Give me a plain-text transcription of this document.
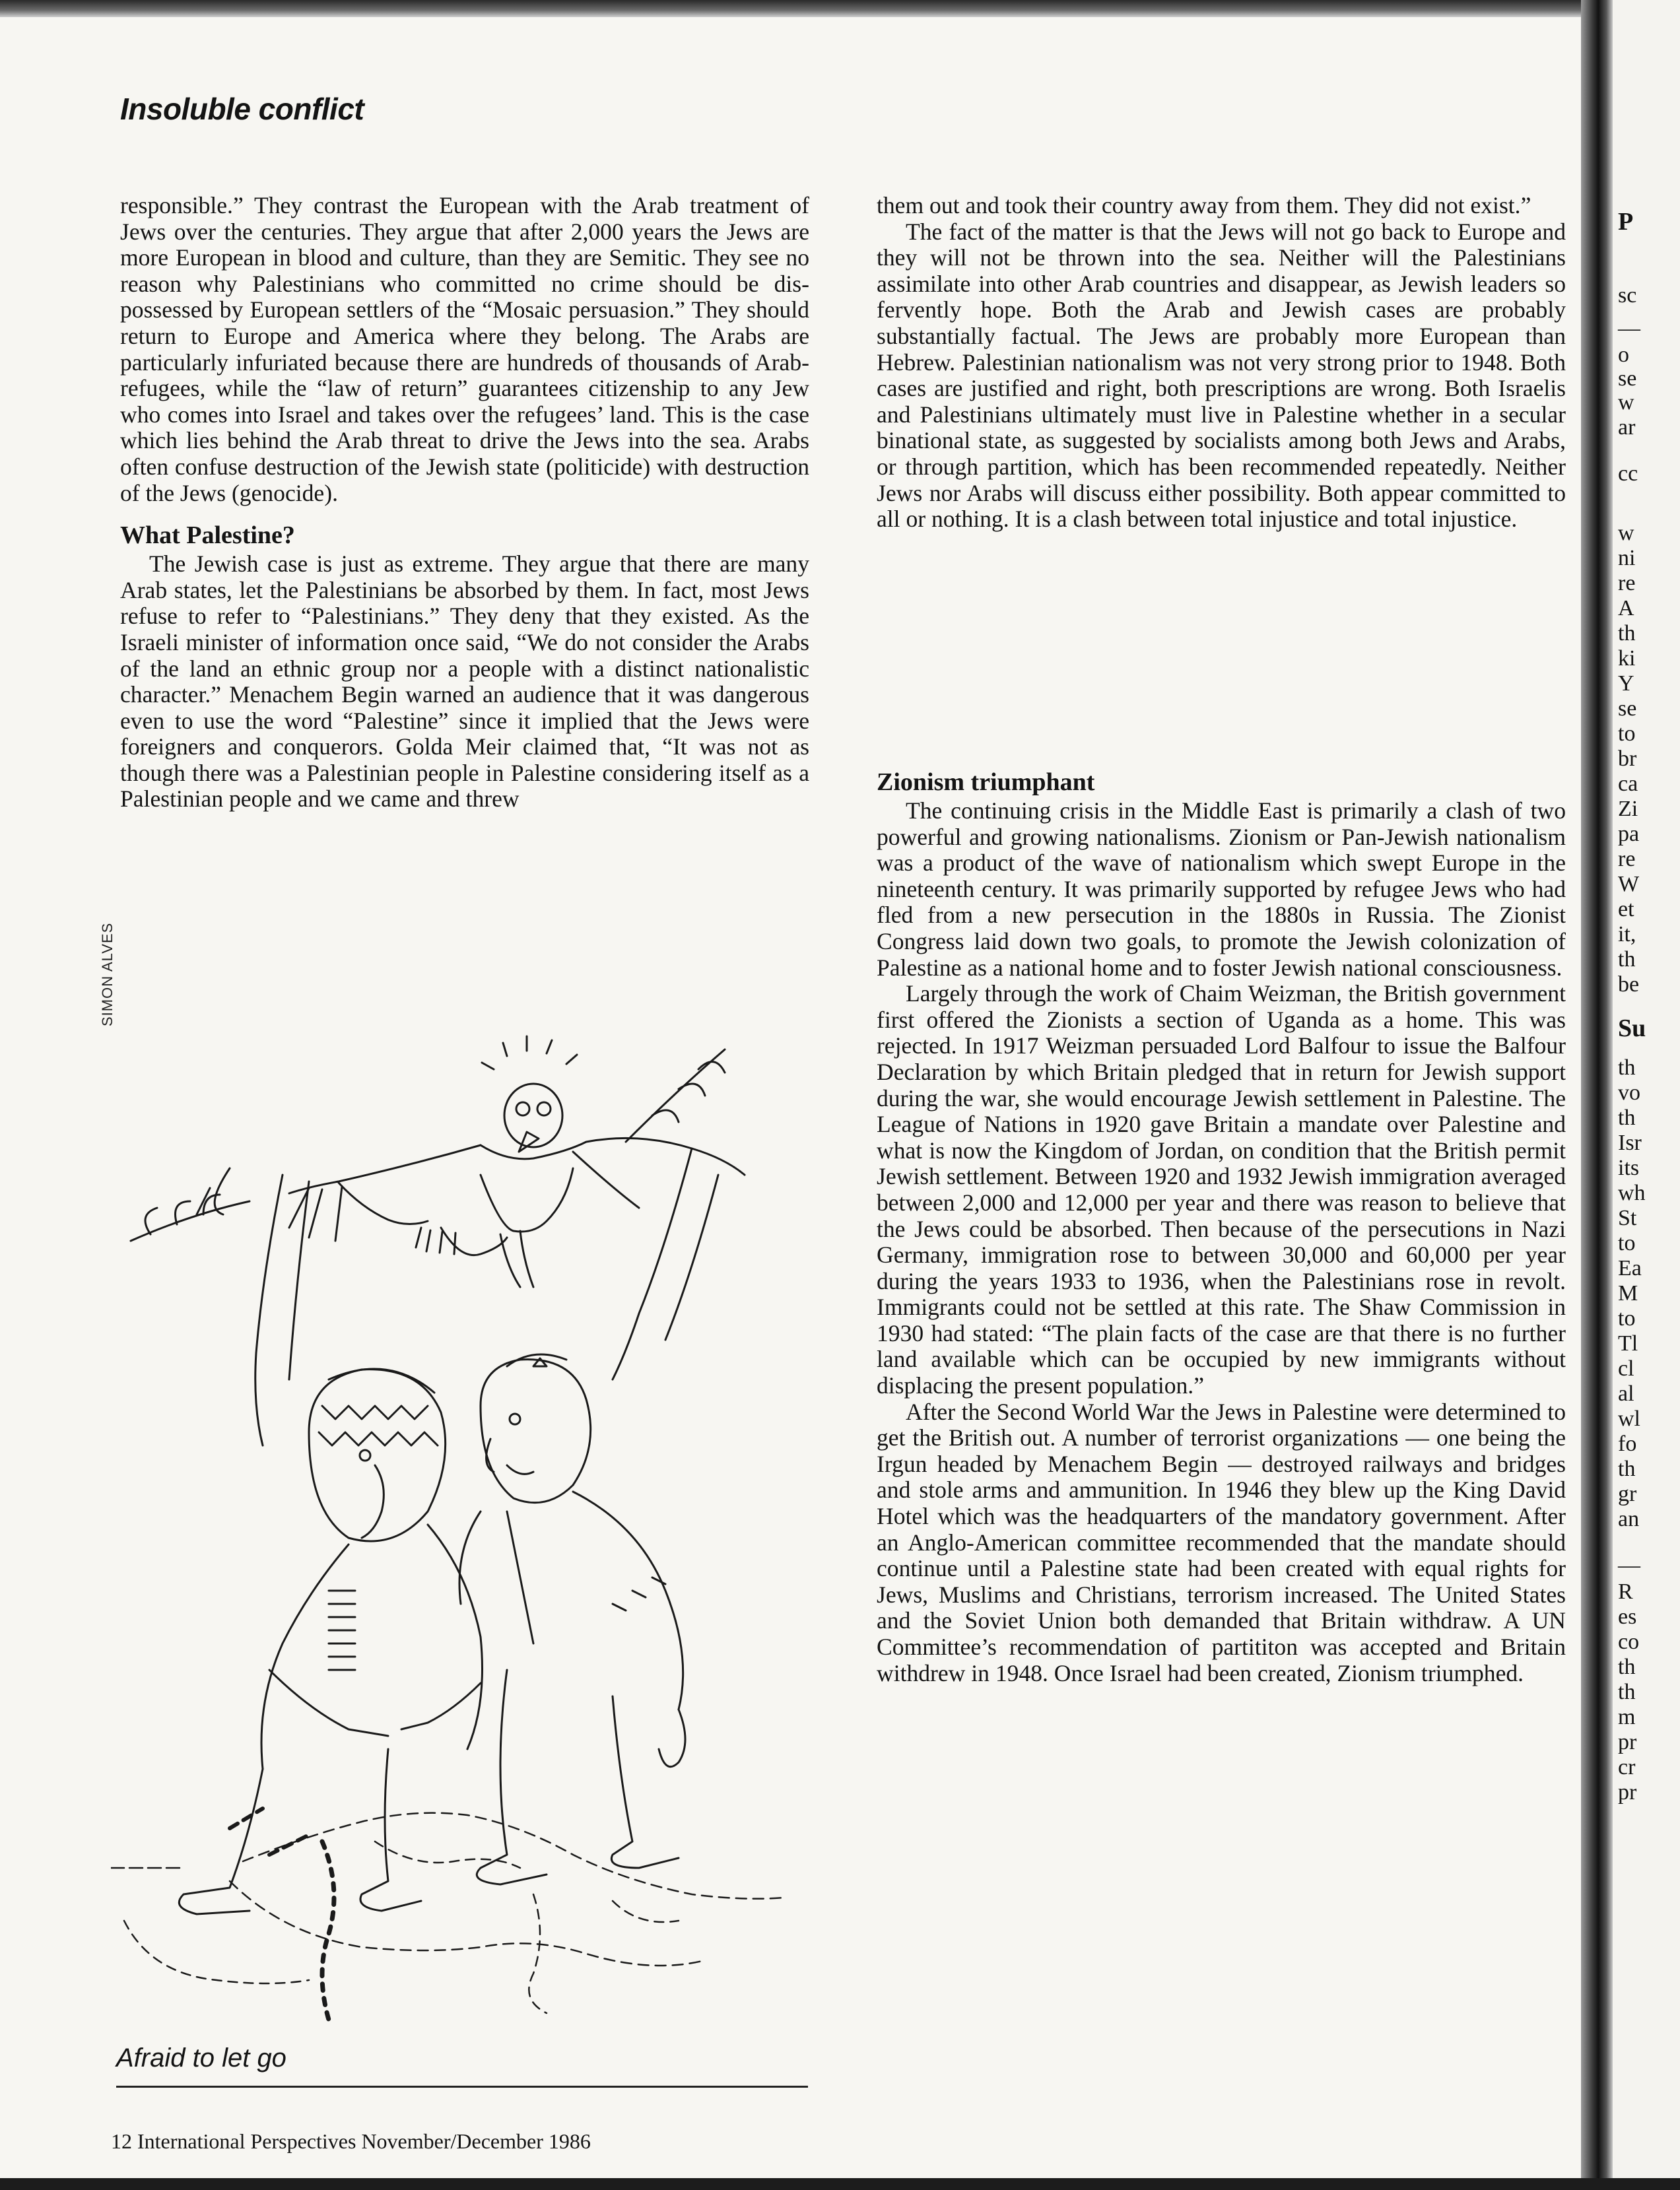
Insoluble conflict

responsible.” They contrast the European with the Arab treatment of Jews over the centuries. They argue that after 2,000 years the Jews are more European in blood and culture, than they are Semitic. They see no reason why Palestinians who committed no crime should be dispossessed by European settlers of the “Mosaic persuasion.” They should return to Europe and America where they belong. The Arabs are particularly infuriated because there are hundreds of thousands of Arab-refugees, while the “law of return” guarantees citizenship to any Jew who comes into Israel and takes over the refugees’ land. This is the case which lies behind the Arab threat to drive the Jews into the sea. Arabs often confuse destruction of the Jewish state (politicide) with destruction of the Jews (genocide).

What Palestine?

The Jewish case is just as extreme. They argue that there are many Arab states, let the Palestinians be absorbed by them. In fact, most Jews refuse to refer to “Palestinians.” They deny that they existed. As the Israeli minister of information once said, “We do not consider the Arabs of the land an ethnic group nor a people with a distinct nationalistic character.” Menachem Begin warned an audience that it was dangerous even to use the word “Palestine” since it implied that the Jews were foreigners and conquerors. Golda Meir claimed that, “It was not as though there was a Palestinian people in Palestine considering itself as a Palestinian people and we came and threw

them out and took their country away from them. They did not exist.”

The fact of the matter is that the Jews will not go back to Europe and they will not be thrown into the sea. Neither will the Palestinians assimilate into other Arab countries and disappear, as Jewish leaders so fervently hope. Both the Arab and Jewish cases are probably substantially factual. The Jews are probably more European than Hebrew. Palestinian nationalism was not very strong prior to 1948. Both cases are justified and right, both prescriptions are wrong. Both Israelis and Palestinians ultimately must live in Palestine whether in a secular binational state, as suggested by socialists among both Jews and Arabs, or through partition, which has been recommended repeatedly. Neither Jews nor Arabs will discuss either possibility. Both appear committed to all or nothing. It is a clash between total injustice and total injustice.

Zionism triumphant

The continuing crisis in the Middle East is primarily a clash of two powerful and growing nationalisms. Zionism or Pan-Jewish nationalism was a product of the wave of nationalism which swept Europe in the nineteenth century. It was primarily supported by refugee Jews who had fled from a new persecution in the 1880s in Russia. The Zionist Congress laid down two goals, to promote the Jewish colonization of Palestine as a national home and to foster Jewish national consciousness.

Largely through the work of Chaim Weizman, the British government first offered the Zionists a section of Uganda as a home. This was rejected. In 1917 Weizman persuaded Lord Balfour to issue the Balfour Declaration by which Britain pledged that in return for Jewish support during the war, she would encourage Jewish settlement in Palestine. The League of Nations in 1920 gave Britain a mandate over Palestine and what is now the Kingdom of Jordan, on condition that the British permit Jewish settlement. Between 1920 and 1932 Jewish immigration averaged between 2,000 and 12,000 per year and there was reason to believe that the Jews could be absorbed. Then because of the persecutions in Nazi Germany, immigration rose to between 30,000 and 60,000 per year during the years 1933 to 1936, when the Palestinians rose in revolt. Immigrants could not be settled at this rate. The Shaw Commission in 1930 had stated: “The plain facts of the case are that there is no further land available which can be occupied by new immigrants without displacing the present population.”

After the Second World War the Jews in Palestine were determined to get the British out. A number of terrorist organizations — one being the Irgun headed by Menachem Begin — destroyed railways and bridges and stole arms and ammunition. In 1946 they blew up the King David Hotel which was the headquarters of the mandatory government. After an Anglo-American committee recommended that the mandate should continue until a Palestine state had been created with equal rights for Jews, Muslims and Christians, terrorism increased. The United States and the Soviet Union both demanded that Britain withdraw. A UN Committee’s recommendation of partititon was accepted and Britain withdrew in 1948. Once Israel had been created, Zionism triumphed.

SIMON ALVES
Afraid to let go
12 International Perspectives November/December 1986
P
sc
—
o
se
w
ar
cc
w
ni
re
A
th
ki
Y
se
to
br
ca
Zi
pa
re
W
et
it,
th
be
Su
th
vo
th
Isr
its
wh
St
to
Ea
M
to
Tl
cl
al
wl
fo
th
gr
an
—
R
es
co
th
th
m
pr
cr
pr
